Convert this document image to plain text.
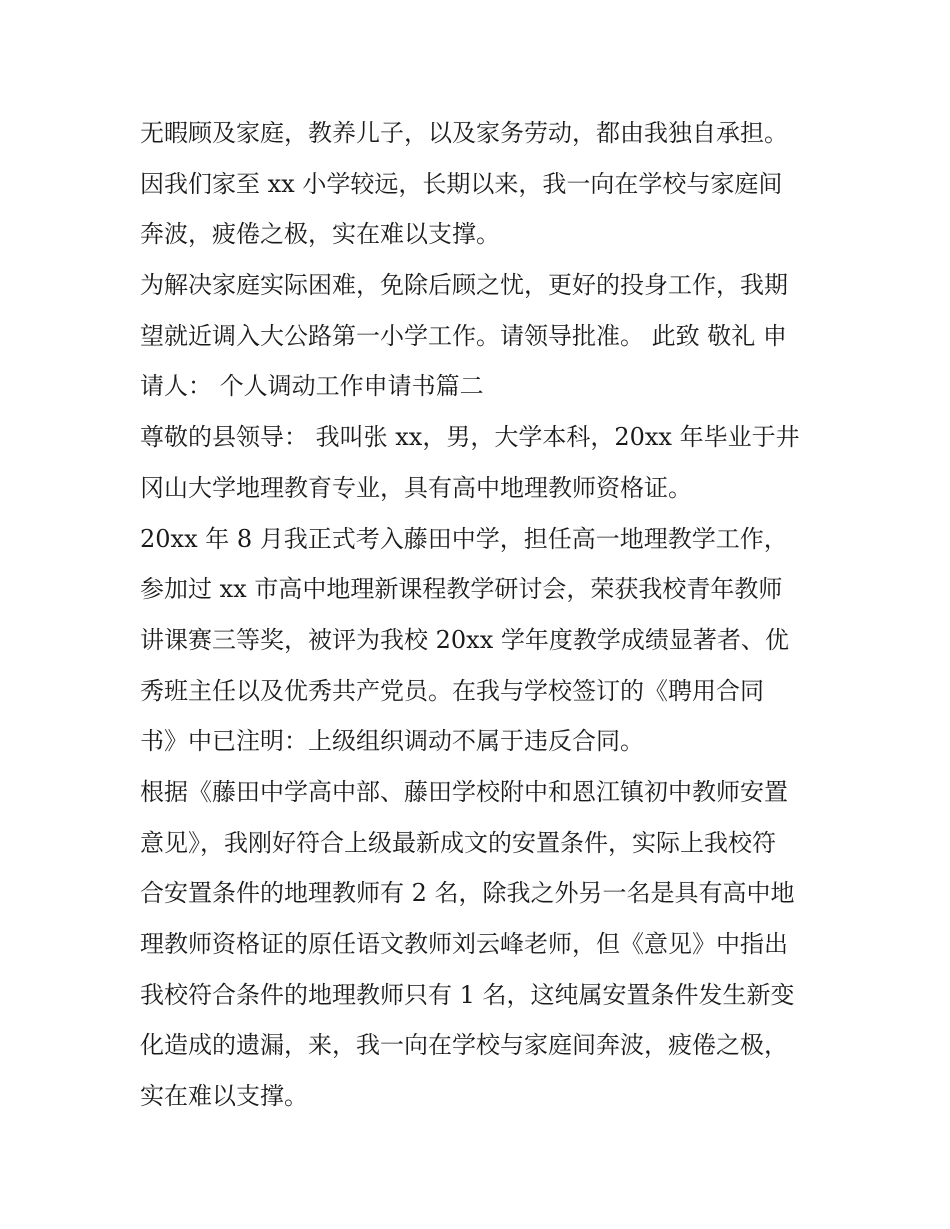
无暇顾及家庭，教养儿子，以及家务劳动，都由我独自承担。
因我们家至 xx 小学较远，长期以来，我一向在学校与家庭间
奔波，疲倦之极，实在难以支撑。
为解决家庭实际困难，免除后顾之忧，更好的投身工作，我期
望就近调入大公路第一小学工作。请领导批准。 此致 敬礼 申
请人： 个人调动工作申请书篇二
尊敬的县领导： 我叫张 xx，男，大学本科，20xx 年毕业于井
冈山大学地理教育专业，具有高中地理教师资格证。
20xx 年 8 月我正式考入藤田中学，担任高一地理教学工作，
参加过 xx 市高中地理新课程教学研讨会，荣获我校青年教师
讲课赛三等奖，被评为我校 20xx 学年度教学成绩显著者、优
秀班主任以及优秀共产党员。在我与学校签订的《聘用合同
书》中已注明：上级组织调动不属于违反合同。
根据《藤田中学高中部、藤田学校附中和恩江镇初中教师安置
意见》，我刚好符合上级最新成文的安置条件，实际上我校符
合安置条件的地理教师有 2 名，除我之外另一名是具有高中地
理教师资格证的原任语文教师刘云峰老师，但《意见》中指出
我校符合条件的地理教师只有 1 名，这纯属安置条件发生新变
化造成的遗漏，来，我一向在学校与家庭间奔波，疲倦之极，
实在难以支撑。
